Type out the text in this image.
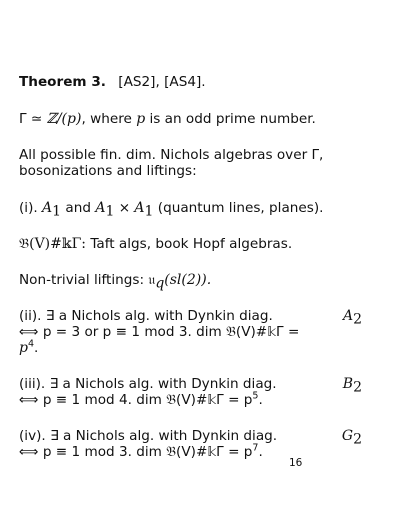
Theorem 3. [AS2], [AS4].
Γ ≃ ℤ/(p), where p is an odd prime number.
All possible fin. dim. Nichols algebras over Γ,
bosonizations and liftings:
(i). $A_1$ and $A_1 \times A_1$ (quantum lines, planes).
𝔅(V)#𝕜Γ: Taft algs, book Hopf algebras.
Non-trivial liftings: 𝔲$_q$(sl(2)).
(ii). ∃ a Nichols alg. with Dynkin diag.	$A_2$
⟺ p = 3 or p ≡ 1 mod 3. dim 𝔅(V)#𝕜Γ =
$p^4$.
(iii). ∃ a Nichols alg. with Dynkin diag.	$B_2$
⟺ p ≡ 1 mod 4. dim 𝔅(V)#𝕜Γ = $p^5$.
(iv). ∃ a Nichols alg. with Dynkin diag.	$G_2$
⟺ p ≡ 1 mod 3. dim 𝔅(V)#𝕜Γ = $p^7$.
16
